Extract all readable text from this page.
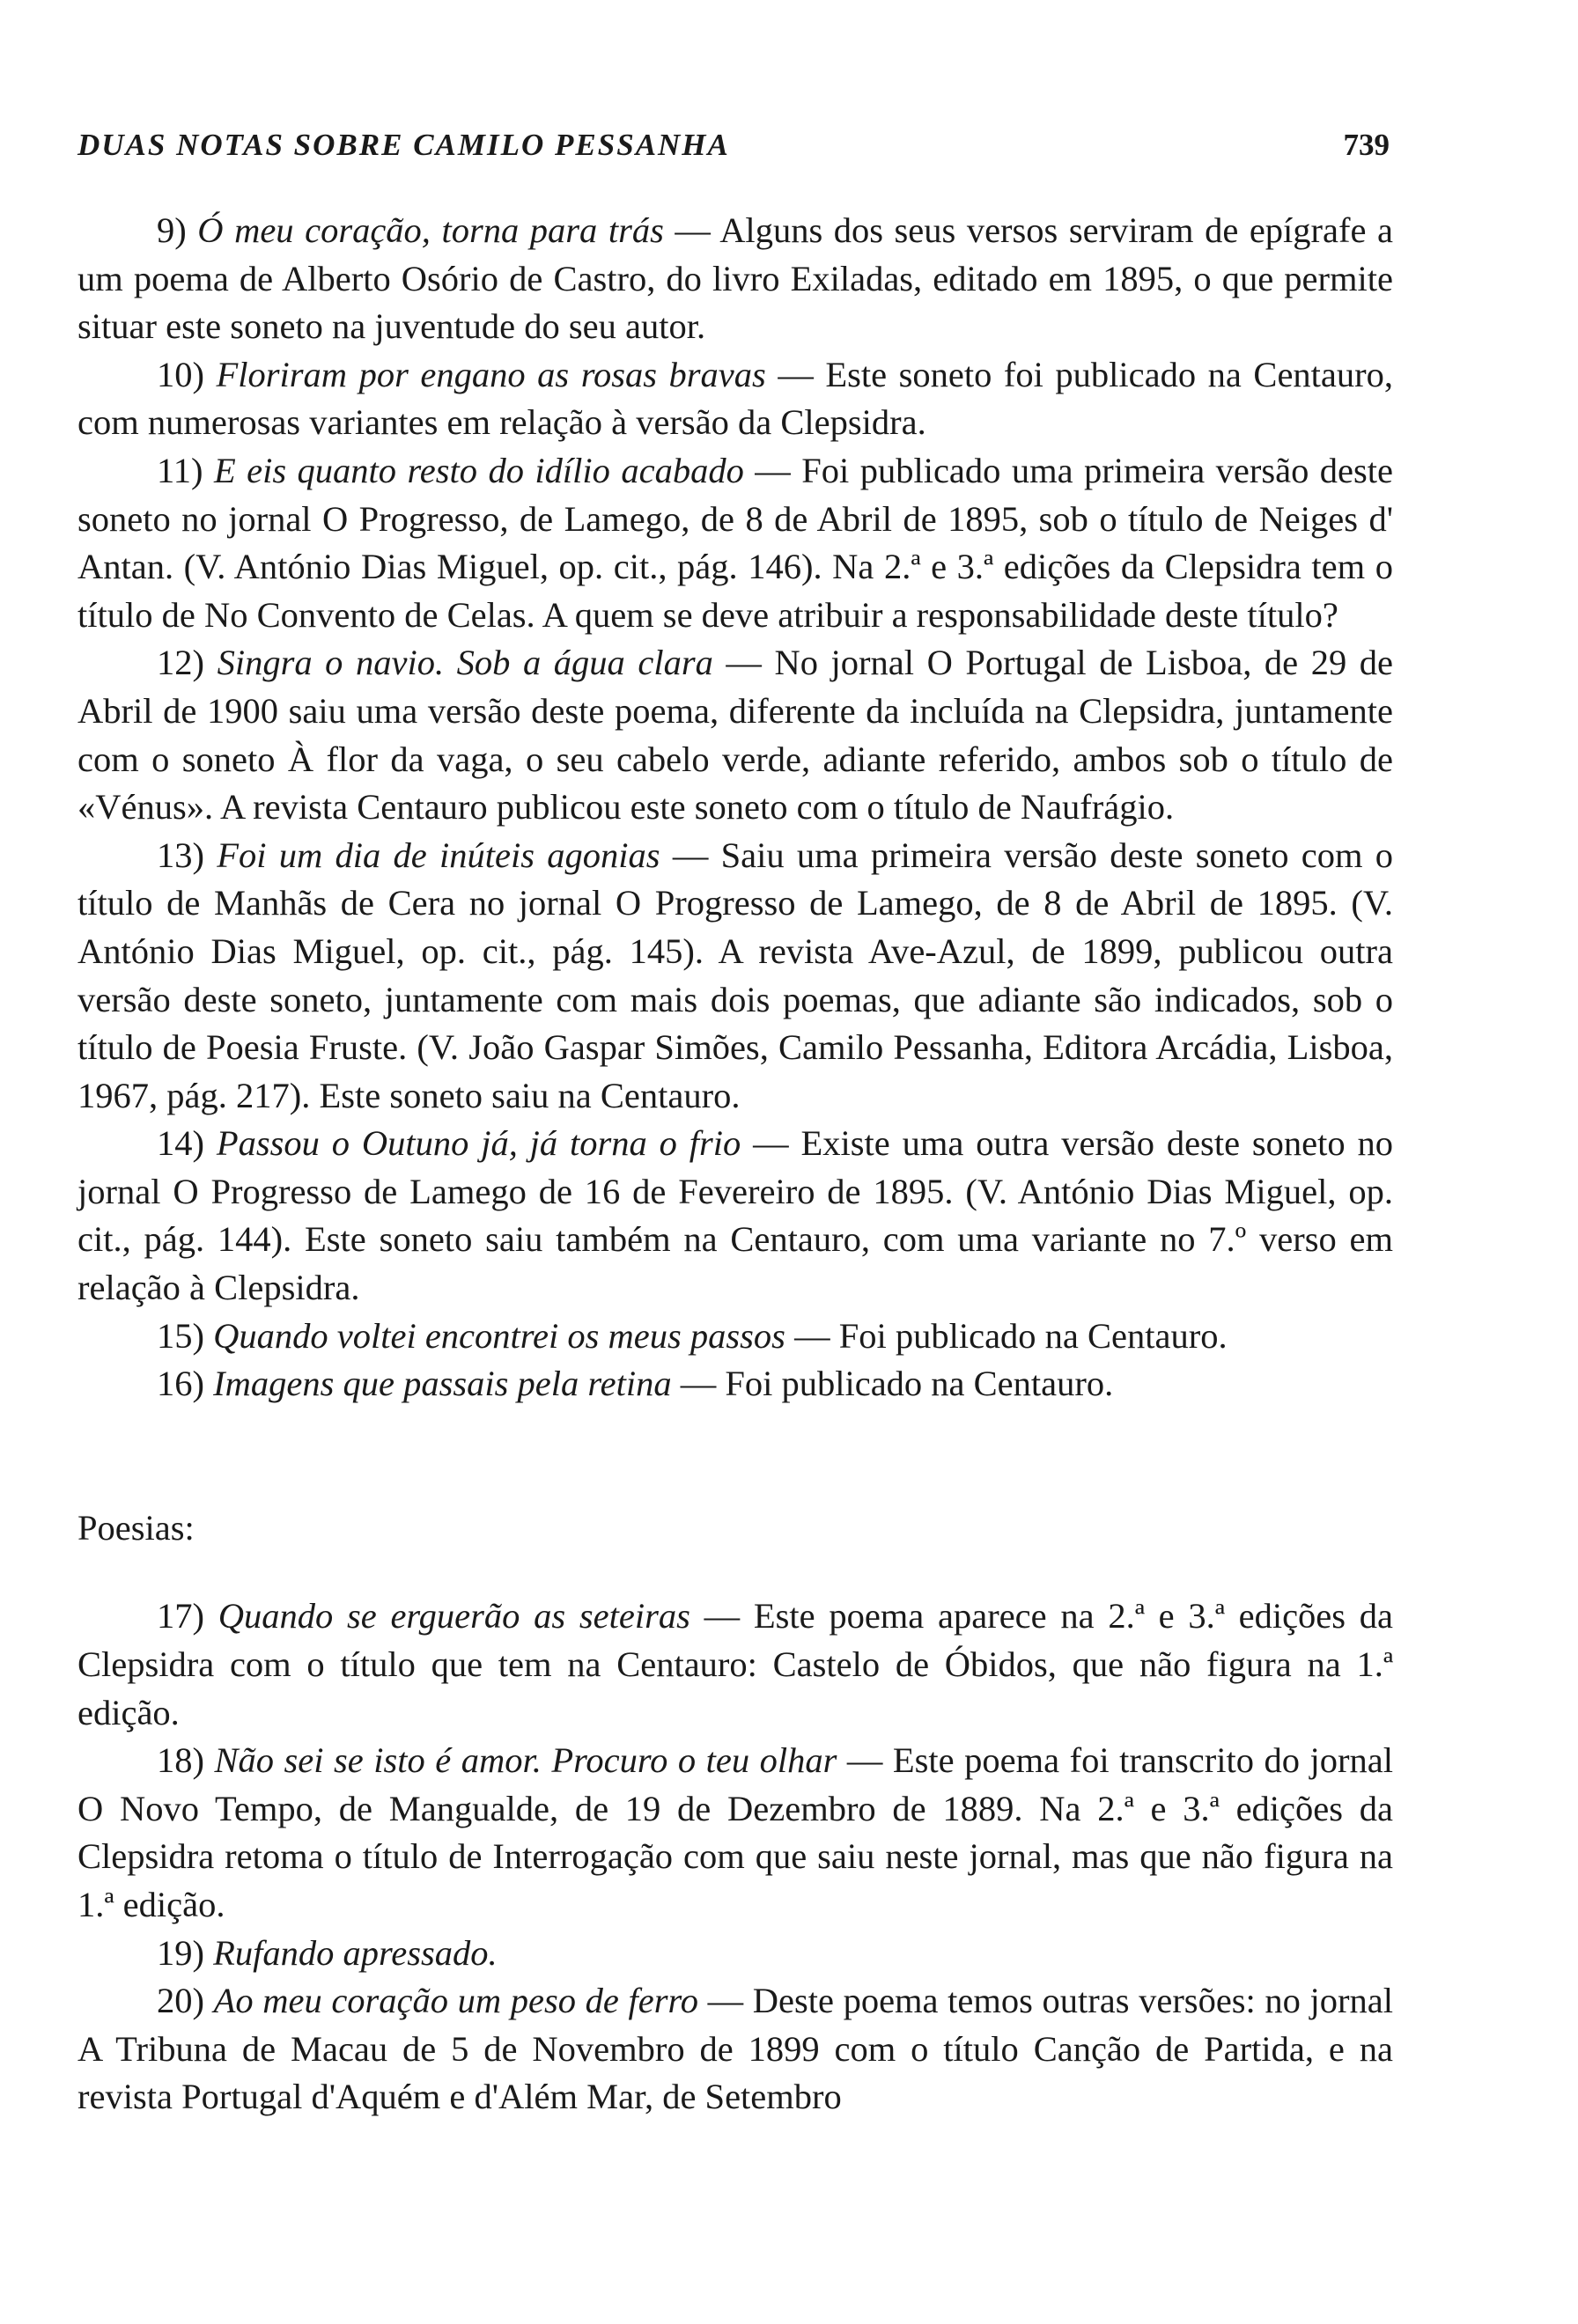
DUAS NOTAS SOBRE CAMILO PESSANHA	739

9) Ó meu coração, torna para trás — Alguns dos seus versos serviram de epígrafe a um poema de Alberto Osório de Castro, do livro Exiladas, editado em 1895, o que permite situar este soneto na juventude do seu autor.

10) Floriram por engano as rosas bravas — Este soneto foi publicado na Centauro, com numerosas variantes em relação à versão da Clepsidra.

11) E eis quanto resto do idílio acabado — Foi publicado uma primeira versão deste soneto no jornal O Progresso, de Lamego, de 8 de Abril de 1895, sob o título de Neiges d' Antan. (V. António Dias Miguel, op. cit., pág. 146). Na 2.ª e 3.ª edições da Clepsidra tem o título de No Convento de Celas. A quem se deve atribuir a responsabilidade deste título?

12) Singra o navio. Sob a água clara — No jornal O Portugal de Lisboa, de 29 de Abril de 1900 saiu uma versão deste poema, diferente da incluída na Clepsidra, juntamente com o soneto À flor da vaga, o seu cabelo verde, adiante referido, ambos sob o título de «Vénus». A revista Centauro publicou este soneto com o título de Naufrágio.

13) Foi um dia de inúteis agonias — Saiu uma primeira versão deste soneto com o título de Manhãs de Cera no jornal O Progresso de Lamego, de 8 de Abril de 1895. (V. António Dias Miguel, op. cit., pág. 145). A revista Ave-Azul, de 1899, publicou outra versão deste soneto, juntamente com mais dois poemas, que adiante são indicados, sob o título de Poesia Fruste. (V. João Gaspar Simões, Camilo Pessanha, Editora Arcádia, Lisboa, 1967, pág. 217). Este soneto saiu na Centauro.

14) Passou o Outuno já, já torna o frio — Existe uma outra versão deste soneto no jornal O Progresso de Lamego de 16 de Fevereiro de 1895. (V. António Dias Miguel, op. cit., pág. 144). Este soneto saiu também na Centauro, com uma variante no 7.º verso em relação à Clepsidra.

15) Quando voltei encontrei os meus passos — Foi publicado na Centauro.

16) Imagens que passais pela retina — Foi publicado na Centauro.

Poesias:

17) Quando se erguerão as seteiras — Este poema aparece na 2.ª e 3.ª edições da Clepsidra com o título que tem na Centauro: Castelo de Óbidos, que não figura na 1.ª edição.

18) Não sei se isto é amor. Procuro o teu olhar — Este poema foi transcrito do jornal O Novo Tempo, de Mangualde, de 19 de Dezembro de 1889. Na 2.ª e 3.ª edições da Clepsidra retoma o título de Interrogação com que saiu neste jornal, mas que não figura na 1.ª edição.

19) Rufando apressado.

20) Ao meu coração um peso de ferro — Deste poema temos outras versões: no jornal A Tribuna de Macau de 5 de Novembro de 1899 com o título Canção de Partida, e na revista Portugal d'Aquém e d'Além Mar, de Setembro
